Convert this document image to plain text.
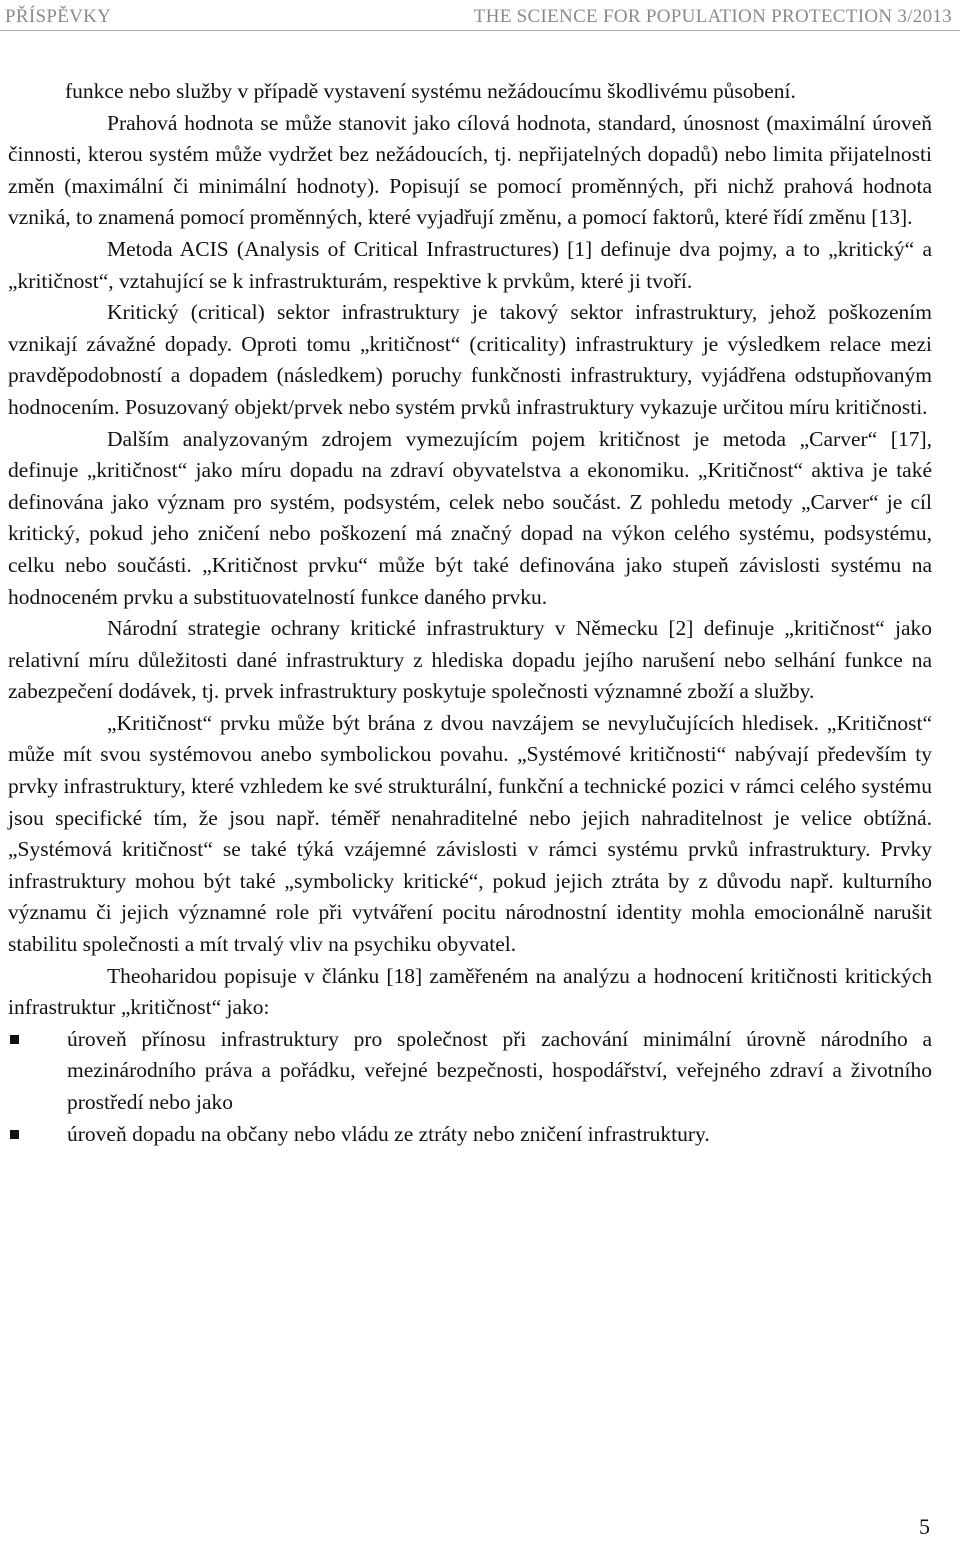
PŘÍSPĚVKY	THE SCIENCE FOR POPULATION PROTECTION 3/2013

funkce nebo služby v případě vystavení systému nežádoucímu škodlivému působení.

Prahová hodnota se může stanovit jako cílová hodnota, standard, únosnost (maximální úroveň činnosti, kterou systém může vydržet bez nežádoucích, tj. nepřijatelných dopadů) nebo limita přijatelnosti změn (maximální či minimální hodnoty). Popisují se pomocí proměnných, při nichž prahová hodnota vzniká, to znamená pomocí proměnných, které vyjadřují změnu, a pomocí faktorů, které řídí změnu [13].

Metoda ACIS (Analysis of Critical Infrastructures) [1] definuje dva pojmy, a to „kritický“ a „kritičnost“, vztahující se k infrastrukturám, respektive k prvkům, které ji tvoří.

Kritický (critical) sektor infrastruktury je takový sektor infrastruktury, jehož poškozením vznikají závažné dopady. Oproti tomu „kritičnost“ (criticality) infrastruktury je výsledkem relace mezi pravděpodobností a dopadem (následkem) poruchy funkčnosti infrastruktury, vyjádřena odstupňovaným hodnocením. Posuzovaný objekt/prvek nebo systém prvků infrastruktury vykazuje určitou míru kritičnosti.

Dalším analyzovaným zdrojem vymezujícím pojem kritičnost je metoda „Carver“ [17], definuje „kritičnost“ jako míru dopadu na zdraví obyvatelstva a ekonomiku. „Kritičnost“ aktiva je také definována jako význam pro systém, podsystém, celek nebo součást. Z pohledu metody „Carver“ je cíl kritický, pokud jeho zničení nebo poškození má značný dopad na výkon celého systému, podsystému, celku nebo součásti. „Kritičnost prvku“ může být také definována jako stupeň závislosti systému na hodnoceném prvku a substituovatelností funkce daného prvku.

Národní strategie ochrany kritické infrastruktury v Německu [2] definuje „kritičnost“ jako relativní míru důležitosti dané infrastruktury z hlediska dopadu jejího narušení nebo selhání funkce na zabezpečení dodávek, tj. prvek infrastruktury poskytuje společnosti významné zboží a služby.

„Kritičnost“ prvku může být brána z dvou navzájem se nevylučujících hledisek. „Kritičnost“ může mít svou systémovou anebo symbolickou povahu. „Systémové kritičnosti“ nabývají především ty prvky infrastruktury, které vzhledem ke své strukturální, funkční a technické pozici v rámci celého systému jsou specifické tím, že jsou např. téměř nenahraditelné nebo jejich nahraditelnost je velice obtížná. „Systémová kritičnost“ se také týká vzájemné závislosti v rámci systému prvků infrastruktury. Prvky infrastruktury mohou být také „symbolicky kritické“, pokud jejich ztráta by z důvodu např. kulturního významu či jejich významné role při vytváření pocitu národnostní identity mohla emocionálně narušit stabilitu společnosti a mít trvalý vliv na psychiku obyvatel.

Theoharidou popisuje v článku [18] zaměřeném na analýzu a hodnocení kritičnosti kritických infrastruktur „kritičnost“ jako:

úroveň přínosu infrastruktury pro společnost při zachování minimální úrovně národního a mezinárodního práva a pořádku, veřejné bezpečnosti, hospodářství, veřejného zdraví a životního prostředí nebo jako
úroveň dopadu na občany nebo vládu ze ztráty nebo zničení infrastruktury.
5
